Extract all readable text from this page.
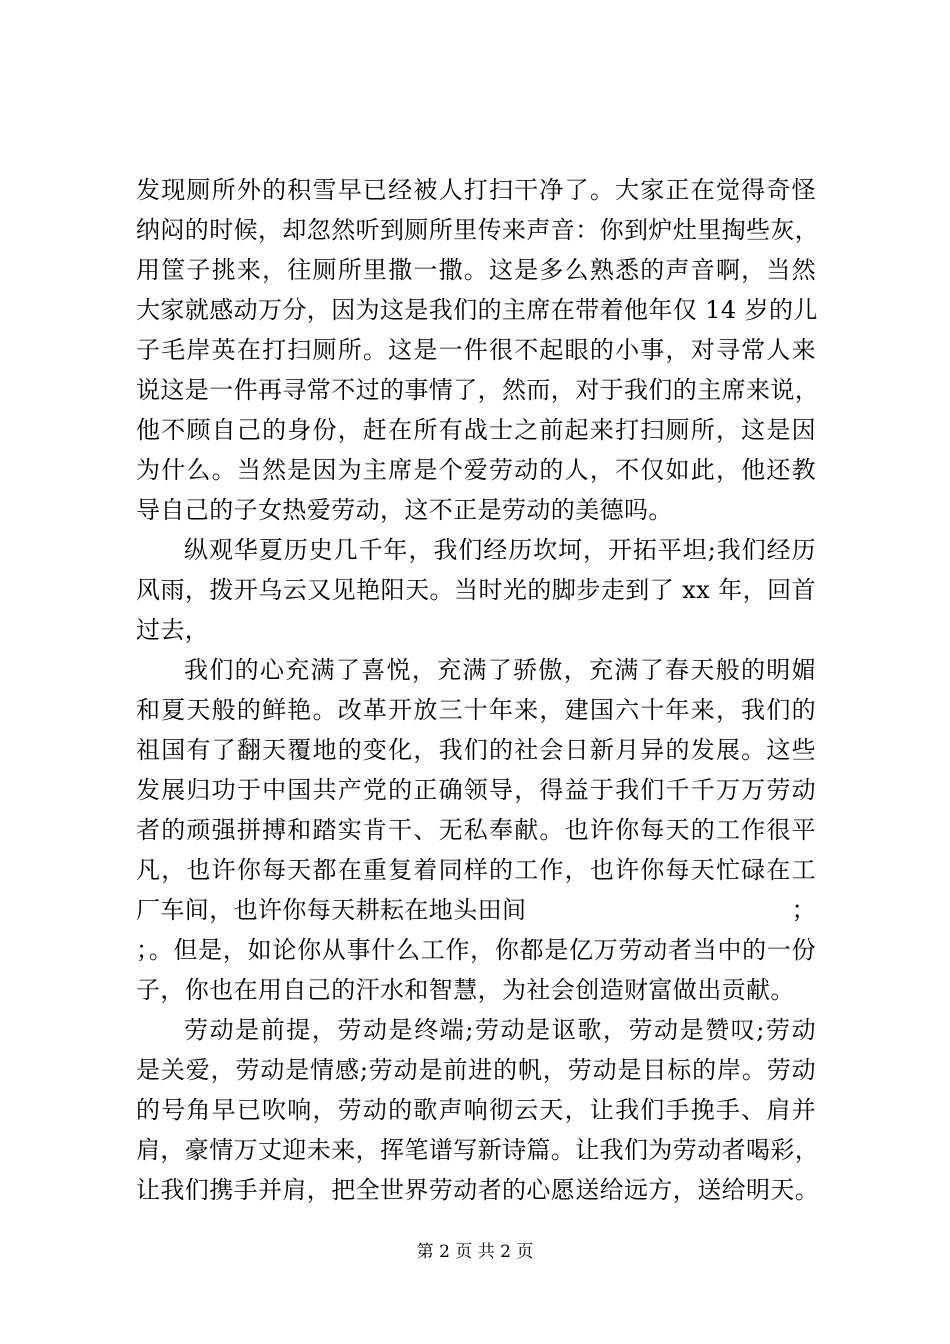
发现厕所外的积雪早已经被人打扫干净了。大家正在觉得奇怪
纳闷的时候，却忽然听到厕所里传来声音：你到炉灶里掏些灰，
用筐子挑来，往厕所里撒一撒。这是多么熟悉的声音啊，当然
大家就感动万分，因为这是我们的主席在带着他年仅 14 岁的儿
子毛岸英在打扫厕所。这是一件很不起眼的小事，对寻常人来
说这是一件再寻常不过的事情了，然而，对于我们的主席来说，
他不顾自己的身份，赶在所有战士之前起来打扫厕所，这是因
为什么。当然是因为主席是个爱劳动的人，不仅如此，他还教
导自己的子女热爱劳动，这不正是劳动的美德吗。
纵观华夏历史几千年，我们经历坎坷，开拓平坦;我们经历
风雨，拨开乌云又见艳阳天。当时光的脚步走到了 xx 年，回首
过去，
我们的心充满了喜悦，充满了骄傲，充满了春天般的明媚
和夏天般的鲜艳。改革开放三十年来，建国六十年来，我们的
祖国有了翻天覆地的变化，我们的社会日新月异的发展。这些
发展归功于中国共产党的正确领导，得益于我们千千万万劳动
者的顽强拼搏和踏实肯干、无私奉献。也许你每天的工作很平
凡，也许你每天都在重复着同样的工作，也许你每天忙碌在工
厂车间，也许你每天耕耘在地头田间	；
；。但是，如论你从事什么工作，你都是亿万劳动者当中的一份
子，你也在用自己的汗水和智慧，为社会创造财富做出贡献。
劳动是前提，劳动是终端;劳动是讴歌，劳动是赞叹;劳动
是关爱，劳动是情感;劳动是前进的帆，劳动是目标的岸。劳动
的号角早已吹响，劳动的歌声响彻云天，让我们手挽手、肩并
肩，豪情万丈迎未来，挥笔谱写新诗篇。让我们为劳动者喝彩，
让我们携手并肩，把全世界劳动者的心愿送给远方，送给明天。
第 2 页 共 2 页
